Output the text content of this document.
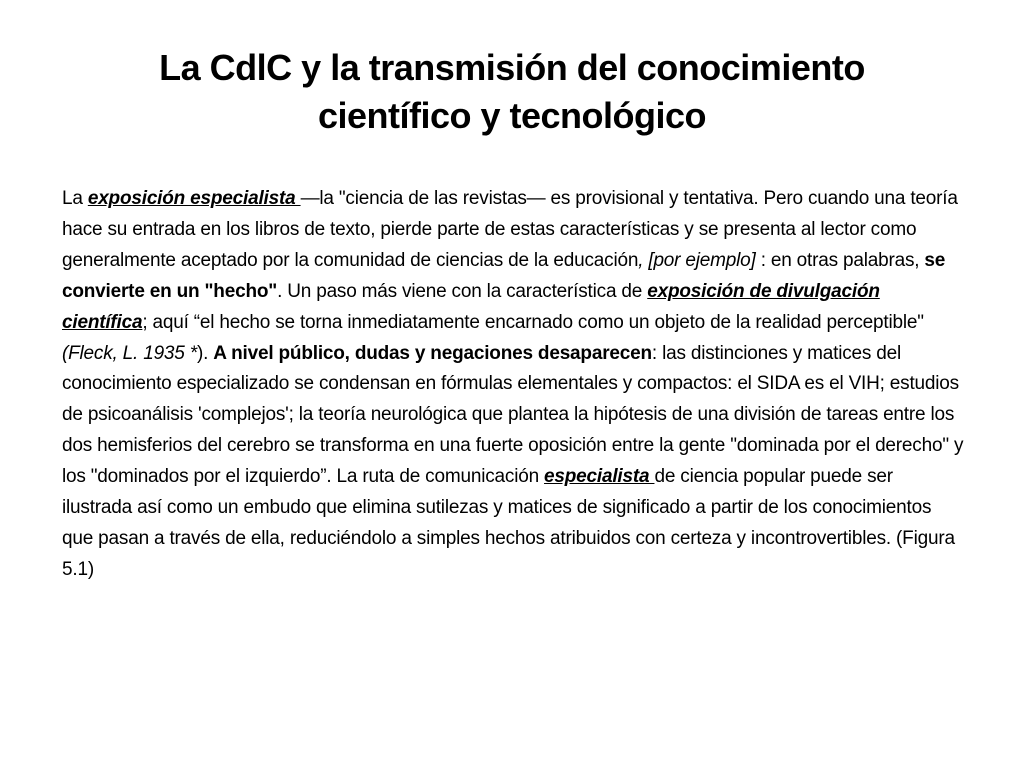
La CdlC y la transmisión del conocimiento
científico y tecnológico

La exposición especialista —la "ciencia de las revistas— es provisional y tentativa. Pero cuando una teoría hace su entrada en los libros de texto, pierde parte de estas características y se presenta al lector como generalmente aceptado por la comunidad de ciencias de la educación, [por ejemplo] : en otras palabras, se convierte en un "hecho". Un paso más viene con la característica de exposición de divulgación científica; aquí “el hecho se torna inmediatamente encarnado como un objeto de la realidad perceptible"(Fleck, L. 1935 *). A nivel público, dudas y negaciones desaparecen: las distinciones y matices del conocimiento especializado se condensan en fórmulas elementales y compactos: el SIDA es el VIH; estudios de psicoanálisis 'complejos'; la teoría neurológica que plantea la hipótesis de una división de tareas entre los dos hemisferios del cerebro se transforma en una fuerte oposición entre la gente "dominada por el derecho" y los "dominados por el izquierdo”. La ruta de comunicación especialista de ciencia popular puede ser ilustrada así como un embudo que elimina sutilezas y matices de significado a partir de los conocimientos que pasan a través de ella, reduciéndolo a simples hechos atribuidos con certeza y incontrovertibles. (Figura 5.1)
